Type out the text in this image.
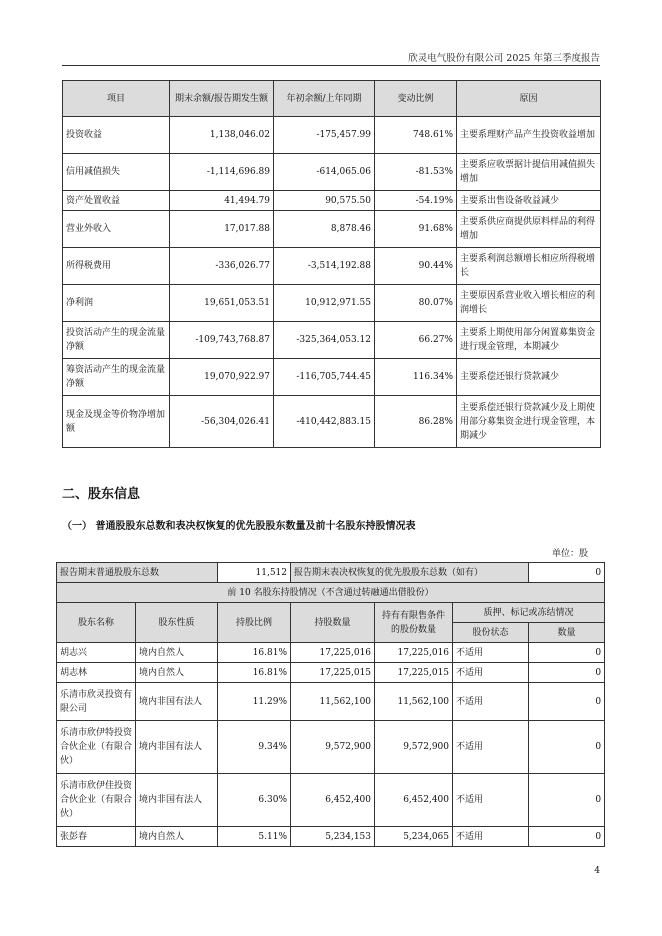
欣灵电气股份有限公司 2025 年第三季度报告
项目	期末余额/报告期发生额	年初余额/上年同期	变动比例	原因
投资收益	1,138,046.02	-175,457.99	748.61%	主要系理财产品产生投资收益增加
信用减值损失	-1,114,696.89	-614,065.06	-81.53%	主要系应收票据计提信用减值损失增加
资产处置收益	41,494.79	90,575.50	-54.19%	主要系出售设备收益减少
营业外收入	17,017.88	8,878.46	91.68%	主要系供应商提供原料样品的利得增加
所得税费用	-336,026.77	-3,514,192.88	90.44%	主要系利润总额增长相应所得税增长
净利润	19,651,053.51	10,912,971.55	80.07%	主要原因系营业收入增长相应的利润增长
投资活动产生的现金流量净额	-109,743,768.87	-325,364,053.12	66.27%	主要系上期使用部分闲置募集资金进行现金管理，本期减少
筹资活动产生的现金流量净额	19,070,922.97	-116,705,744.45	116.34%	主要系偿还银行贷款减少
现金及现金等价物净增加额	-56,304,026.41	-410,442,883.15	86.28%	主要系偿还银行贷款减少及上期使用部分募集资金进行现金管理，本期减少
二、股东信息
（一） 普通股股东总数和表决权恢复的优先股股东数量及前十名股东持股情况表
单位：股
报告期末普通股股东总数		11,512	报告期末表决权恢复的优先股股东总数（如有）			0
前 10 名股东持股情况（不含通过转融通出借股份）						
股东名称	股东性质	持股比例	持股数量	持有有限售条件的股份数量	质押、标记或冻结情况	
					股份状态	数量
胡志兴	境内自然人	16.81%	17,225,016	17,225,016	不适用	0
胡志林	境内自然人	16.81%	17,225,015	17,225,015	不适用	0
乐清市欣灵投资有限公司	境内非国有法人	11.29%	11,562,100	11,562,100	不适用	0
乐清市欣伊特投资合伙企业（有限合伙）	境内非国有法人	9.34%	9,572,900	9,572,900	不适用	0
乐清市欣伊佳投资合伙企业（有限合伙）	境内非国有法人	6.30%	6,452,400	6,452,400	不适用	0
张彭春	境内自然人	5.11%	5,234,153	5,234,065	不适用	0
4
